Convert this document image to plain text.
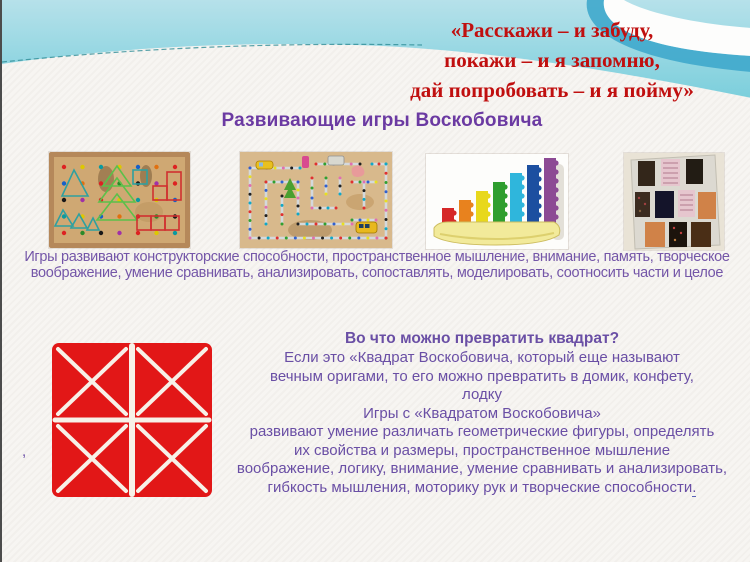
«Расскажи – и забуду,
покажи – и я запомню,
дай попробовать – и я пойму»
Развивающие игры Воскобовича
Игры развивают конструкторские способности, пространственное мышление, внимание, память, творческое воображение, умение сравнивать, анализировать, сопоставлять, моделировать, соотносить части и целое
,
Во что можно превратить квадрат?
Если это «Квадрат Воскобовича, который еще называют
вечным оригами, то его можно превратить в домик, конфету,
лодку
Игры с «Квадратом Воскобовича»
развивают умение различать геометрические фигуры, определять
их свойства и размеры, пространственное мышление
воображение, логику, внимание, умение сравнивать и анализировать,
гибкость мышления, моторику рук и творческие способности.
